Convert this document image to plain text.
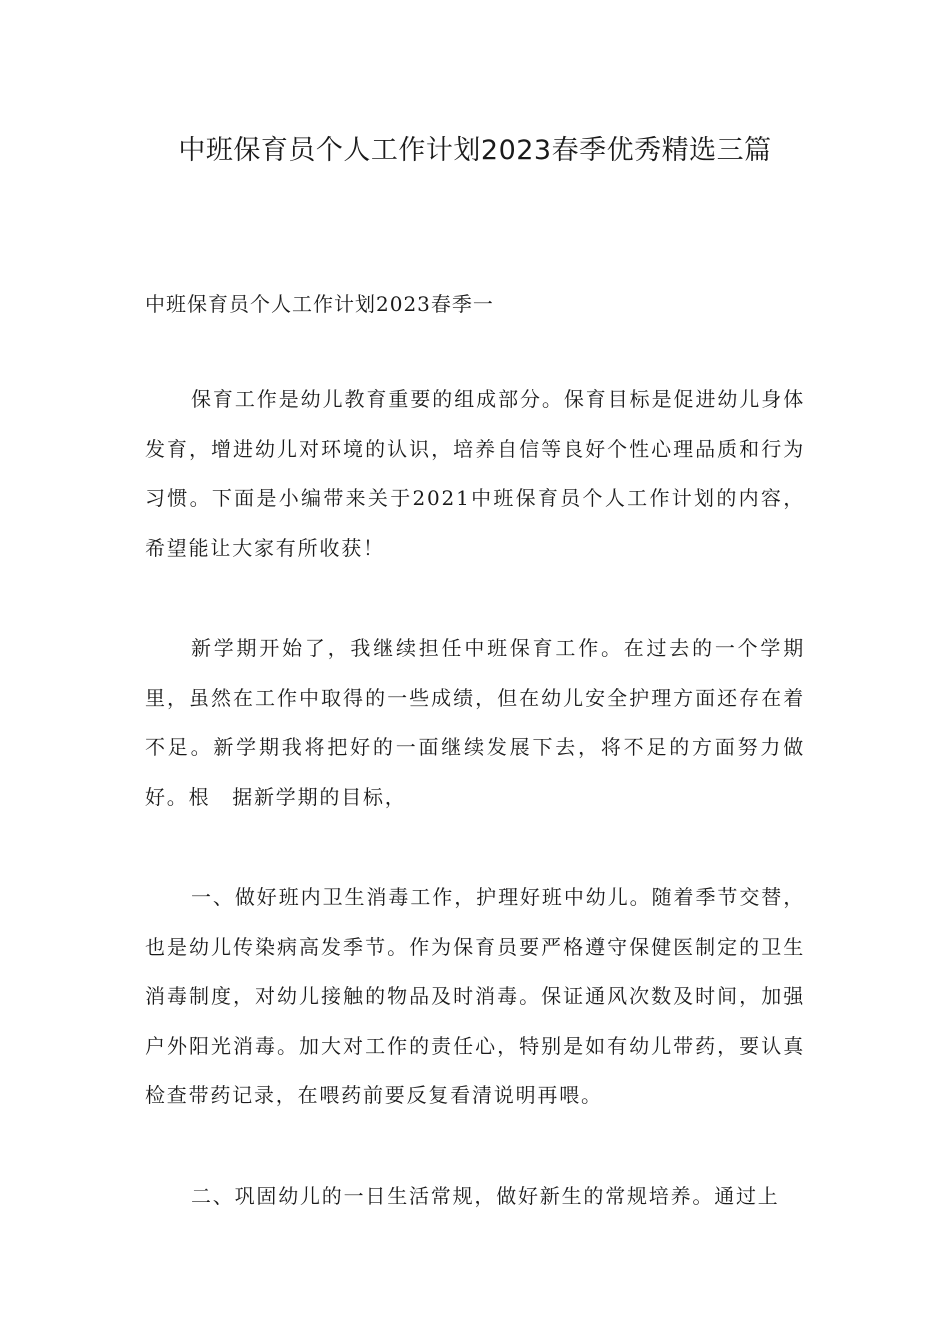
中班保育员个人工作计划2023春季优秀精选三篇

中班保育员个人工作计划2023春季一

保育工作是幼儿教育重要的组成部分。保育目标是促进幼儿身体发育，增进幼儿对环境的认识，培养自信等良好个性心理品质和行为习惯。下面是小编带来关于2021中班保育员个人工作计划的内容，希望能让大家有所收获！

新学期开始了，我继续担任中班保育工作。在过去的一个学期里，虽然在工作中取得的一些成绩，但在幼儿安全护理方面还存在着不足。新学期我将把好的一面继续发展下去，将不足的方面努力做好。根　据新学期的目标，

一、做好班内卫生消毒工作，护理好班中幼儿。随着季节交替，也是幼儿传染病高发季节。作为保育员要严格遵守保健医制定的卫生消毒制度，对幼儿接触的物品及时消毒。保证通风次数及时间，加强户外阳光消毒。加大对工作的责任心，特别是如有幼儿带药，要认真检查带药记录，在喂药前要反复看清说明再喂。

二、巩固幼儿的一日生活常规，做好新生的常规培养。通过上
